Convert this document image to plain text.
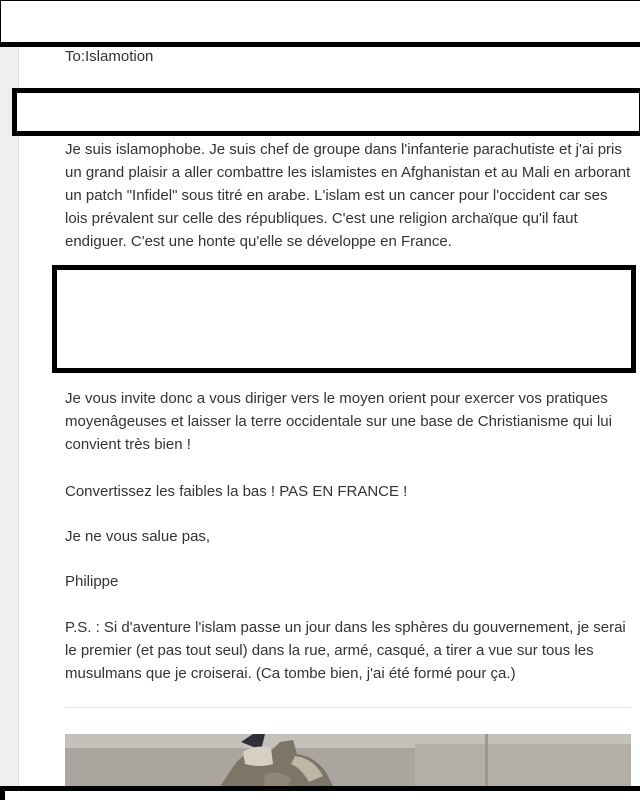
To:Islamotion

Je suis islamophobe. Je suis chef de groupe dans l'infanterie parachutiste et j'ai pris un grand plaisir a aller combattre les islamistes en Afghanistan et au Mali en arborant un patch "Infidel" sous titré en arabe. L'islam est un cancer pour l'occident car ses lois prévalent sur celle des républiques. C'est une religion archaïque qu'il faut endiguer. C'est une honte qu'elle se développe en France.

Je vous invite donc a vous diriger vers le moyen orient pour exercer vos pratiques moyenâgeuses et laisser la terre occidentale sur une base de Christianisme qui lui convient très bien !

Convertissez les faibles la bas ! PAS EN FRANCE !

Je ne vous salue pas,

Philippe

P.S. : Si d'aventure l'islam passe un jour dans les sphères du gouvernement, je serai le premier (et pas tout seul) dans la rue, armé, casqué, a tirer a vue sur tous les musulmans que je croiserai. (Ca tombe bien, j'ai été formé pour ça.)
